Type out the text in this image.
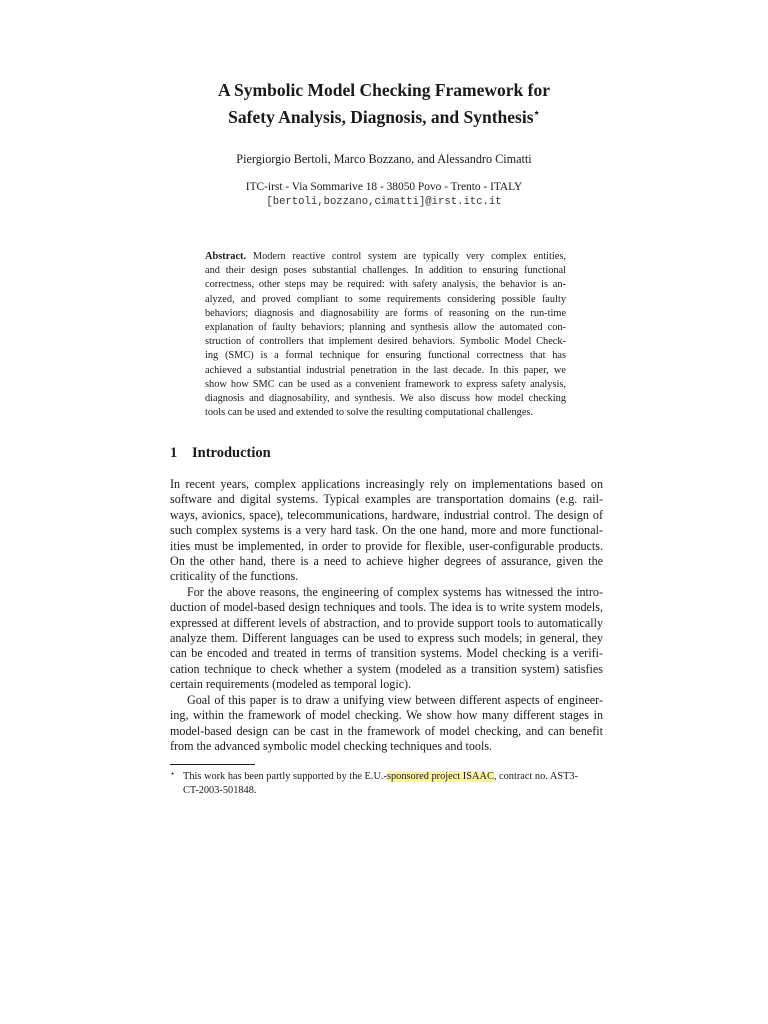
A Symbolic Model Checking Framework for
Safety Analysis, Diagnosis, and Synthesis⋆
Piergiorgio Bertoli, Marco Bozzano, and Alessandro Cimatti
ITC-irst - Via Sommarive 18 - 38050 Povo - Trento - ITALY
[bertoli,bozzano,cimatti]@irst.itc.it
Abstract. Modern reactive control system are typically very complex entities,
and their design poses substantial challenges. In addition to ensuring functional
correctness, other steps may be required: with safety analysis, the behavior is an-
alyzed, and proved compliant to some requirements considering possible faulty
behaviors; diagnosis and diagnosability are forms of reasoning on the run-time
explanation of faulty behaviors; planning and synthesis allow the automated con-
struction of controllers that implement desired behaviors. Symbolic Model Check-
ing (SMC) is a formal technique for ensuring functional correctness that has
achieved a substantial industrial penetration in the last decade. In this paper, we
show how SMC can be used as a convenient framework to express safety analysis,
diagnosis and diagnosability, and synthesis. We also discuss how model checking
tools can be used and extended to solve the resulting computational challenges.
1 Introduction
In recent years, complex applications increasingly rely on implementations based on
software and digital systems. Typical examples are transportation domains (e.g. rail-
ways, avionics, space), telecommunications, hardware, industrial control. The design of
such complex systems is a very hard task. On the one hand, more and more functional-
ities must be implemented, in order to provide for flexible, user-configurable products.
On the other hand, there is a need to achieve higher degrees of assurance, given the
criticality of the functions.
For the above reasons, the engineering of complex systems has witnessed the intro-
duction of model-based design techniques and tools. The idea is to write system models,
expressed at different levels of abstraction, and to provide support tools to automatically
analyze them. Different languages can be used to express such models; in general, they
can be encoded and treated in terms of transition systems. Model checking is a verifi-
cation technique to check whether a system (modeled as a transition system) satisfies
certain requirements (modeled as temporal logic).
Goal of this paper is to draw a unifying view between different aspects of engineer-
ing, within the framework of model checking. We show how many different stages in
model-based design can be cast in the framework of model checking, and can benefit
from the advanced symbolic model checking techniques and tools.
⋆ This work has been partly supported by the E.U.-sponsored project ISAAC, contract no. AST3-
CT-2003-501848.
